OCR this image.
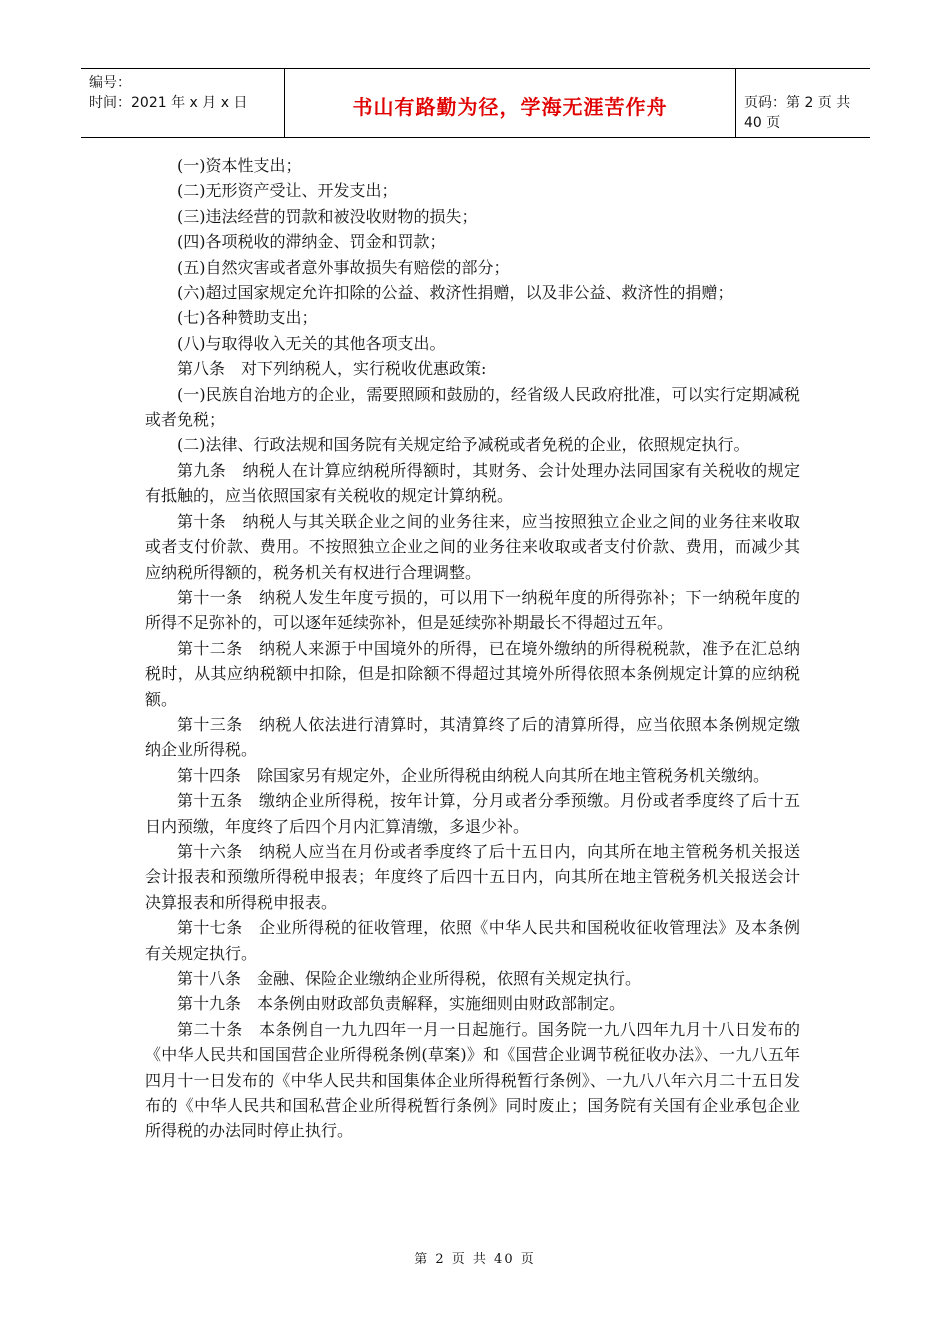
编号：
时间：2021 年 x 月 x 日	书山有路勤为径，学海无涯苦作舟	页码：第 2 页 共 40 页

(一)资本性支出；

(二)无形资产受让、开发支出；

(三)违法经营的罚款和被没收财物的损失；

(四)各项税收的滞纳金、罚金和罚款；

(五)自然灾害或者意外事故损失有赔偿的部分；

(六)超过国家规定允许扣除的公益、救济性捐赠，以及非公益、救济性的捐赠；

(七)各种赞助支出；

(八)与取得收入无关的其他各项支出。

第八条　对下列纳税人，实行税收优惠政策:

(一)民族自治地方的企业，需要照顾和鼓励的，经省级人民政府批准，可以实行定期减税或者免税；

(二)法律、行政法规和国务院有关规定给予减税或者免税的企业，依照规定执行。

第九条　纳税人在计算应纳税所得额时，其财务、会计处理办法同国家有关税收的规定有抵触的，应当依照国家有关税收的规定计算纳税。

第十条　纳税人与其关联企业之间的业务往来，应当按照独立企业之间的业务往来收取或者支付价款、费用。不按照独立企业之间的业务往来收取或者支付价款、费用，而减少其应纳税所得额的，税务机关有权进行合理调整。

第十一条　纳税人发生年度亏损的，可以用下一纳税年度的所得弥补；下一纳税年度的所得不足弥补的，可以逐年延续弥补，但是延续弥补期最长不得超过五年。

第十二条　纳税人来源于中国境外的所得，已在境外缴纳的所得税税款，准予在汇总纳税时，从其应纳税额中扣除，但是扣除额不得超过其境外所得依照本条例规定计算的应纳税额。

第十三条　纳税人依法进行清算时，其清算终了后的清算所得，应当依照本条例规定缴纳企业所得税。

第十四条　除国家另有规定外，企业所得税由纳税人向其所在地主管税务机关缴纳。

第十五条　缴纳企业所得税，按年计算，分月或者分季预缴。月份或者季度终了后十五日内预缴，年度终了后四个月内汇算清缴，多退少补。

第十六条　纳税人应当在月份或者季度终了后十五日内，向其所在地主管税务机关报送会计报表和预缴所得税申报表；年度终了后四十五日内，向其所在地主管税务机关报送会计决算报表和所得税申报表。

第十七条　企业所得税的征收管理，依照《中华人民共和国税收征收管理法》及本条例有关规定执行。

第十八条　金融、保险企业缴纳企业所得税，依照有关规定执行。

第十九条　本条例由财政部负责解释，实施细则由财政部制定。

第二十条　本条例自一九九四年一月一日起施行。国务院一九八四年九月十八日发布的《中华人民共和国国营企业所得税条例(草案)》和《国营企业调节税征收办法》、一九八五年四月十一日发布的《中华人民共和国集体企业所得税暂行条例》、一九八八年六月二十五日发布的《中华人民共和国私营企业所得税暂行条例》同时废止；国务院有关国有企业承包企业所得税的办法同时停止执行。

第 2 页 共 40 页
